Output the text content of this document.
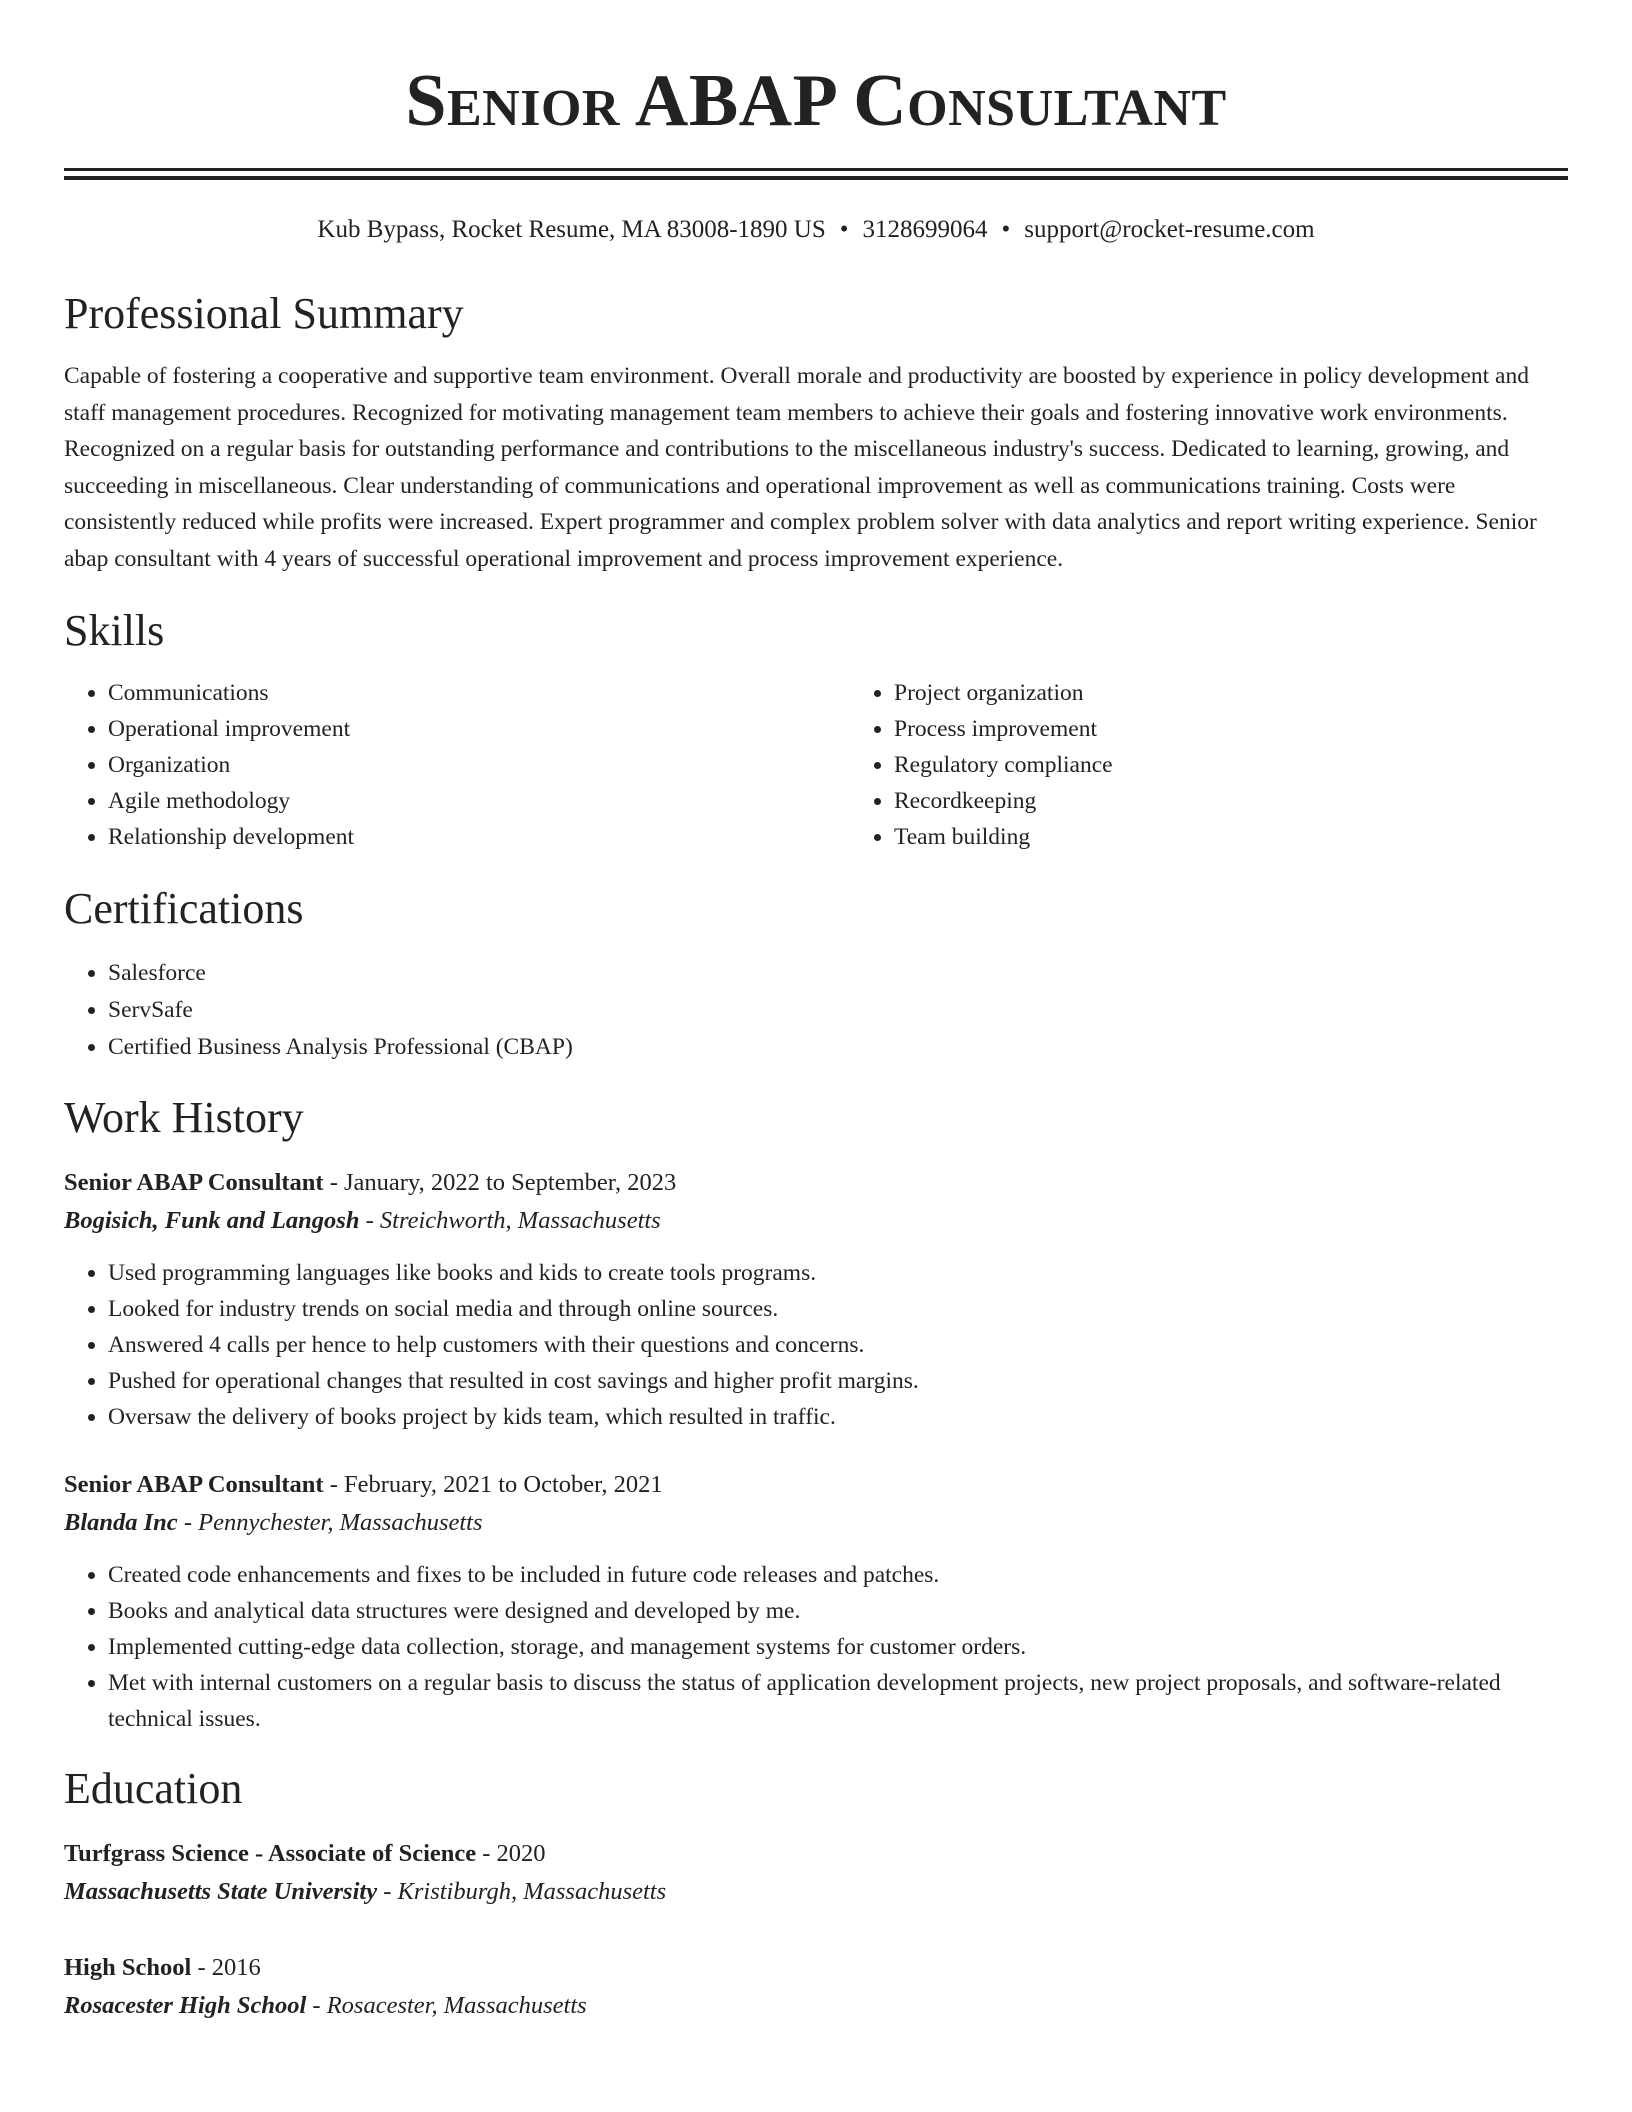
Senior ABAP Consultant
Kub Bypass, Rocket Resume, MA 83008-1890 US • 3128699064 • support@rocket-resume.com
Professional Summary

Capable of fostering a cooperative and supportive team environment. Overall morale and productivity are boosted by experience in policy development and staff management procedures. Recognized for motivating management team members to achieve their goals and fostering innovative work environments. Recognized on a regular basis for outstanding performance and contributions to the miscellaneous industry's success. Dedicated to learning, growing, and succeeding in miscellaneous. Clear understanding of communications and operational improvement as well as communications training. Costs were consistently reduced while profits were increased. Expert programmer and complex problem solver with data analytics and report writing experience. Senior abap consultant with 4 years of successful operational improvement and process improvement experience.

Skills
• Communications
• Operational improvement
• Organization
• Agile methodology
• Relationship development
• Project organization
• Process improvement
• Regulatory compliance
• Recordkeeping
• Team building
Certifications
• Salesforce
• ServSafe
• Certified Business Analysis Professional (CBAP)
Work History
Senior ABAP Consultant - January, 2022 to September, 2023
Bogisich, Funk and Langosh - Streichworth, Massachusetts
• Used programming languages like books and kids to create tools programs.
• Looked for industry trends on social media and through online sources.
• Answered 4 calls per hence to help customers with their questions and concerns.
• Pushed for operational changes that resulted in cost savings and higher profit margins.
• Oversaw the delivery of books project by kids team, which resulted in traffic.
Senior ABAP Consultant - February, 2021 to October, 2021
Blanda Inc - Pennychester, Massachusetts
• Created code enhancements and fixes to be included in future code releases and patches.
• Books and analytical data structures were designed and developed by me.
• Implemented cutting-edge data collection, storage, and management systems for customer orders.
• Met with internal customers on a regular basis to discuss the status of application development projects, new project proposals, and software-related technical issues.
Education
Turfgrass Science - Associate of Science - 2020
Massachusetts State University - Kristiburgh, Massachusetts
High School - 2016
Rosacester High School - Rosacester, Massachusetts
